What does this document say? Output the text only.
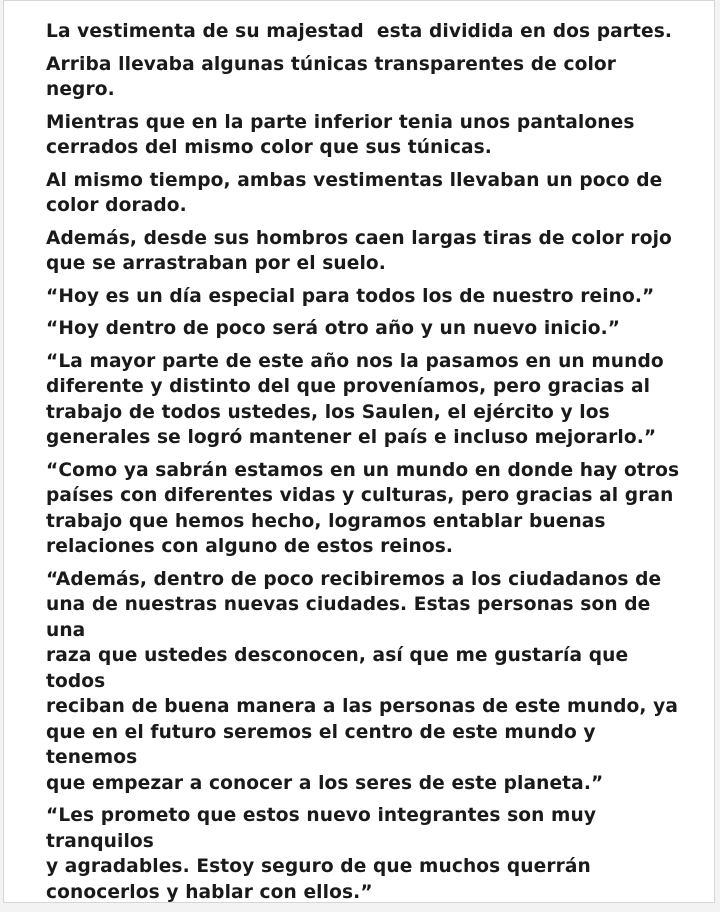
La vestimenta de su majestad  esta dividida en dos partes.

Arriba llevaba algunas túnicas transparentes de color negro.

Mientras que en la parte inferior tenia unos pantalones
cerrados del mismo color que sus túnicas.

Al mismo tiempo, ambas vestimentas llevaban un poco de
color dorado.

Además, desde sus hombros caen largas tiras de color rojo
que se arrastraban por el suelo.

“Hoy es un día especial para todos los de nuestro reino.”

“Hoy dentro de poco será otro año y un nuevo inicio.”

“La mayor parte de este año nos la pasamos en un mundo
diferente y distinto del que proveníamos, pero gracias al
trabajo de todos ustedes, los Saulen, el ejército y los
generales se logró mantener el país e incluso mejorarlo.”

“Como ya sabrán estamos en un mundo en donde hay otros
países con diferentes vidas y culturas, pero gracias al gran
trabajo que hemos hecho, logramos entablar buenas
relaciones con alguno de estos reinos.

“Además, dentro de poco recibiremos a los ciudadanos de
una de nuestras nuevas ciudades. Estas personas son de una
raza que ustedes desconocen, así que me gustaría que todos
reciban de buena manera a las personas de este mundo, ya
que en el futuro seremos el centro de este mundo y tenemos
que empezar a conocer a los seres de este planeta.”

“Les prometo que estos nuevo integrantes son muy tranquilos
y agradables. Estoy seguro de que muchos querrán
conocerlos y hablar con ellos.”
